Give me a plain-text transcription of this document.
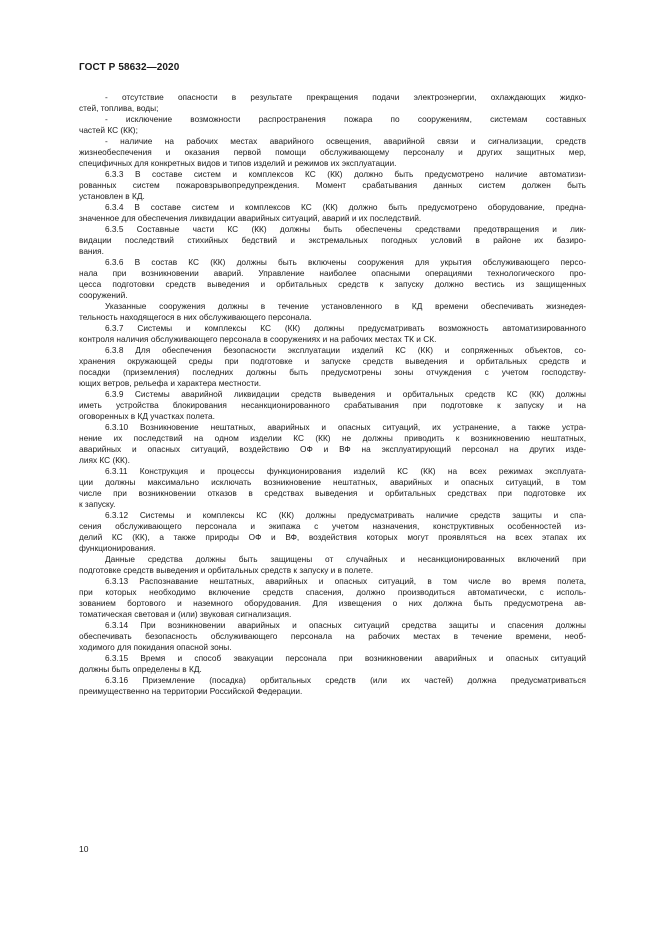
ГОСТ Р 58632—2020
- отсутствие опасности в результате прекращения подачи электроэнергии, охлаждающих жидко-
стей, топлива, воды;
- исключение возможности распространения пожара по сооружениям, системам составных
частей КС (КК);
- наличие на рабочих местах аварийного освещения, аварийной связи и сигнализации, средств
жизнеобеспечения и оказания первой помощи обслуживающему персоналу и других защитных мер,
специфичных для конкретных видов и типов изделий и режимов их эксплуатации.
6.3.3 В составе систем и комплексов КС (КК) должно быть предусмотрено наличие автоматизи-
рованных систем пожаровзрывопредупреждения. Момент срабатывания данных систем должен быть
установлен в КД.
6.3.4 В составе систем и комплексов КС (КК) должно быть предусмотрено оборудование, предна-
значенное для обеспечения ликвидации аварийных ситуаций, аварий и их последствий.
6.3.5 Составные части КС (КК) должны быть обеспечены средствами предотвращения и лик-
видации последствий стихийных бедствий и экстремальных погодных условий в районе их базиро-
вания.
6.3.6 В состав КС (КК) должны быть включены сооружения для укрытия обслуживающего персо-
нала при возникновении аварий. Управление наиболее опасными операциями технологического про-
цесса подготовки средств выведения и орбитальных средств к запуску должно вестись из защищенных
сооружений.
Указанные сооружения должны в течение установленного в КД времени обеспечивать жизнедея-
тельность находящегося в них обслуживающего персонала.
6.3.7 Системы и комплексы КС (КК) должны предусматривать возможность автоматизированного
контроля наличия обслуживающего персонала в сооружениях и на рабочих местах ТК и СК.
6.3.8 Для обеспечения безопасности эксплуатации изделий КС (КК) и сопряженных объектов, со-
хранения окружающей среды при подготовке и запуске средств выведения и орбитальных средств и
посадки (приземления) последних должны быть предусмотрены зоны отчуждения с учетом господству-
ющих ветров, рельефа и характера местности.
6.3.9 Системы аварийной ликвидации средств выведения и орбитальных средств КС (КК) должны
иметь устройства блокирования несанкционированного срабатывания при подготовке к запуску и на
оговоренных в КД участках полета.
6.3.10 Возникновение нештатных, аварийных и опасных ситуаций, их устранение, а также устра-
нение их последствий на одном изделии КС (КК) не должны приводить к возникновению нештатных,
аварийных и опасных ситуаций, воздействию ОФ и ВФ на эксплуатирующий персонал на других изде-
лиях КС (КК).
6.3.11 Конструкция и процессы функционирования изделий КС (КК) на всех режимах эксплуата-
ции должны максимально исключать возникновение нештатных, аварийных и опасных ситуаций, в том
числе при возникновении отказов в средствах выведения и орбитальных средствах при подготовке их
к запуску.
6.3.12 Системы и комплексы КС (КК) должны предусматривать наличие средств защиты и спа-
сения обслуживающего персонала и экипажа с учетом назначения, конструктивных особенностей из-
делий КС (КК), а также природы ОФ и ВФ, воздействия которых могут проявляться на всех этапах их
функционирования.
Данные средства должны быть защищены от случайных и несанкционированных включений при
подготовке средств выведения и орбитальных средств к запуску и в полете.
6.3.13 Распознавание нештатных, аварийных и опасных ситуаций, в том числе во время полета,
при которых необходимо включение средств спасения, должно производиться автоматически, с исполь-
зованием бортового и наземного оборудования. Для извещения о них должна быть предусмотрена ав-
томатическая световая и (или) звуковая сигнализация.
6.3.14 При возникновении аварийных и опасных ситуаций средства защиты и спасения должны
обеспечивать безопасность обслуживающего персонала на рабочих местах в течение времени, необ-
ходимого для покидания опасной зоны.
6.3.15 Время и способ эвакуации персонала при возникновении аварийных и опасных ситуаций
должны быть определены в КД.
6.3.16 Приземление (посадка) орбитальных средств (или их частей) должна предусматриваться
преимущественно на территории Российской Федерации.
10
